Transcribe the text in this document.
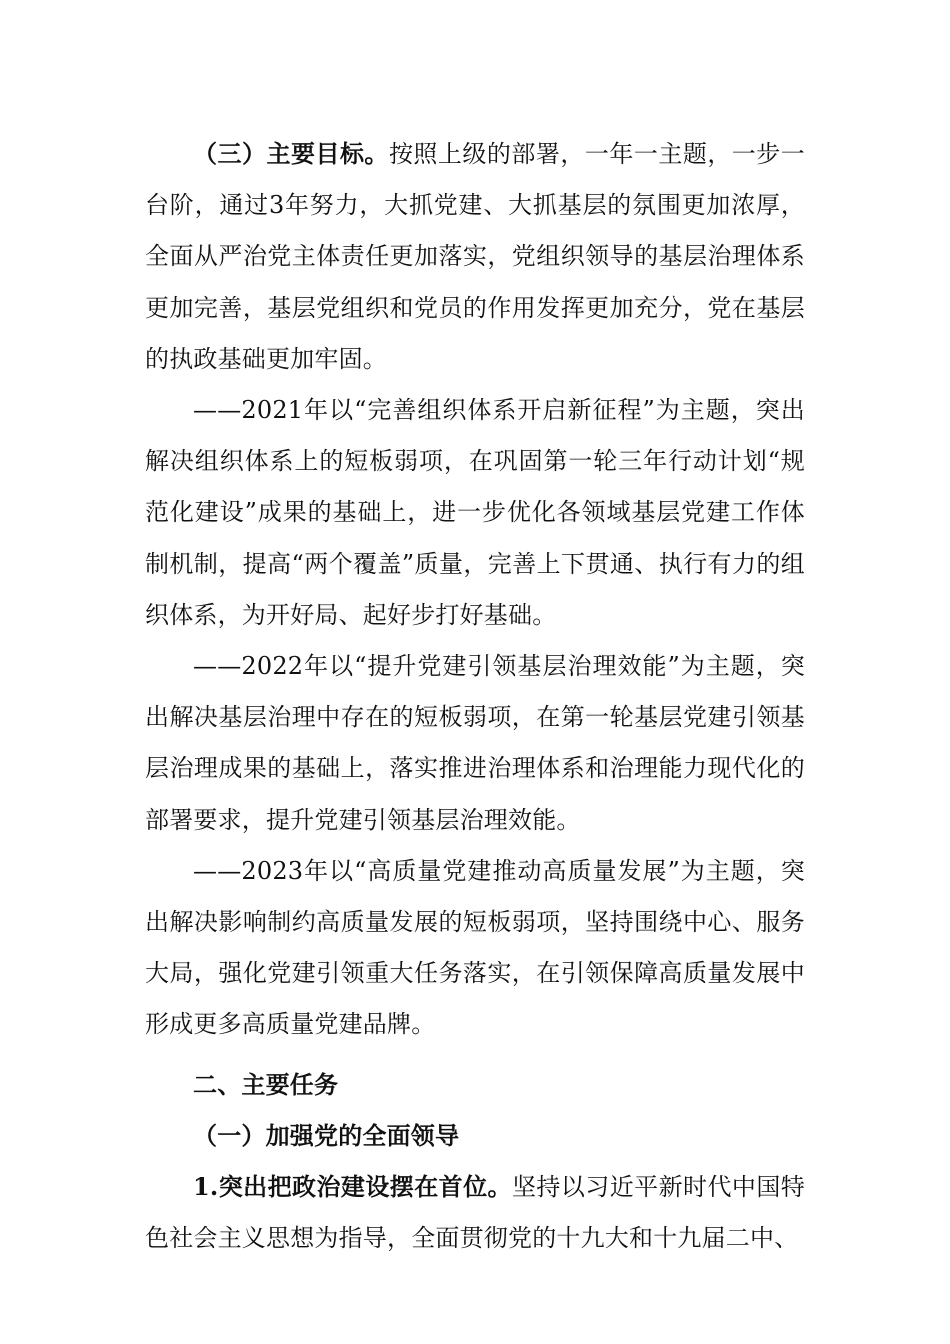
（三）主要目标。按照上级的部署，一年一主题，一步一台阶，通过3年努力，大抓党建、大抓基层的氛围更加浓厚，全面从严治党主体责任更加落实，党组织领导的基层治理体系更加完善，基层党组织和党员的作用发挥更加充分，党在基层的执政基础更加牢固。

——2021年以“完善组织体系开启新征程”为主题，突出解决组织体系上的短板弱项，在巩固第一轮三年行动计划“规范化建设”成果的基础上，进一步优化各领域基层党建工作体制机制，提高“两个覆盖”质量，完善上下贯通、执行有力的组织体系，为开好局、起好步打好基础。

——2022年以“提升党建引领基层治理效能”为主题，突出解决基层治理中存在的短板弱项，在第一轮基层党建引领基层治理成果的基础上，落实推进治理体系和治理能力现代化的部署要求，提升党建引领基层治理效能。

——2023年以“高质量党建推动高质量发展”为主题，突出解决影响制约高质量发展的短板弱项，坚持围绕中心、服务大局，强化党建引领重大任务落实，在引领保障高质量发展中形成更多高质量党建品牌。

二、主要任务

（一）加强党的全面领导

1.突出把政治建设摆在首位。坚持以习近平新时代中国特色社会主义思想为指导，全面贯彻党的十九大和十九届二中、
